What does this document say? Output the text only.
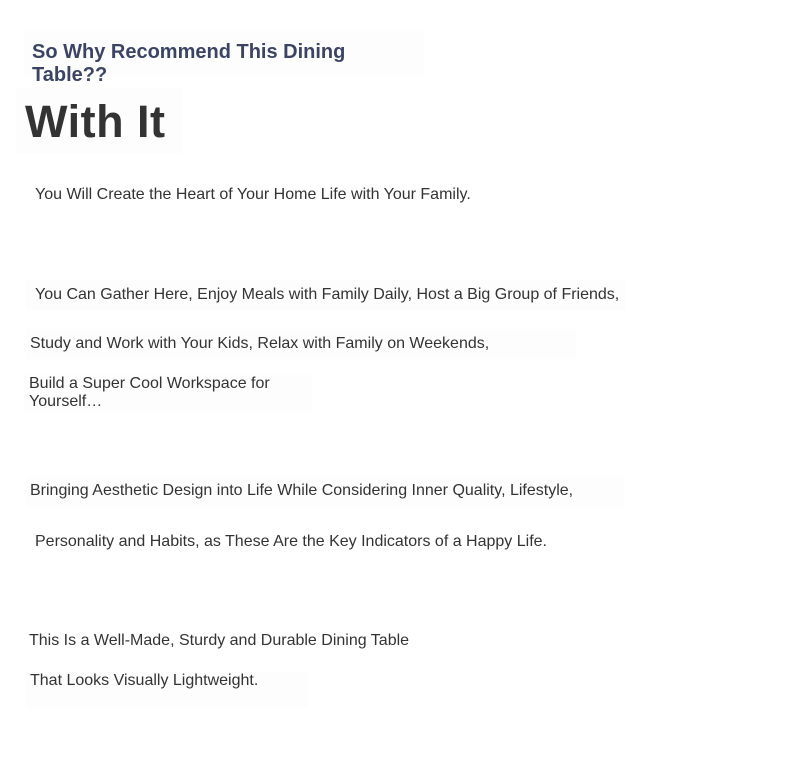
So Why Recommend This Dining Table??
With It
You Will Create the Heart of Your Home Life with Your Family.
You Can Gather Here, Enjoy Meals with Family Daily, Host a Big Group of Friends,
Study and Work with Your Kids, Relax with Family on Weekends,
Build a Super Cool Workspace for Yourself…
Bringing Aesthetic Design into Life While Considering Inner Quality, Lifestyle,
Personality and Habits, as These Are the Key Indicators of a Happy Life.
This Is a Well-Made, Sturdy and Durable Dining Table
That Looks Visually Lightweight.
